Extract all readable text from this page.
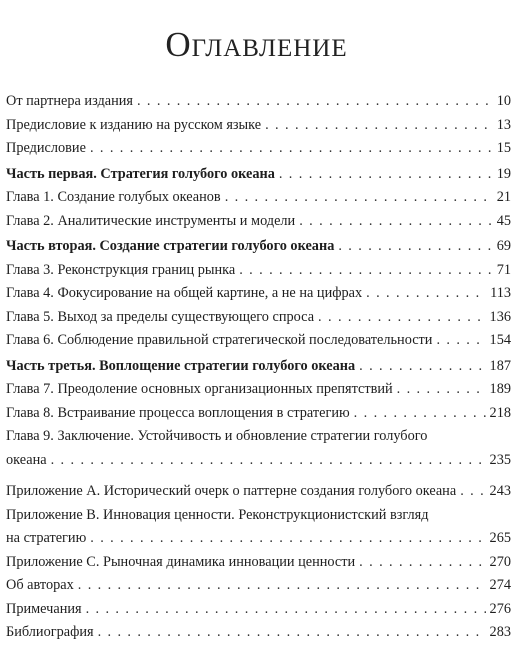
Оглавление
От партнера издания . . .	10
Предисловие к изданию на русском языке . . .	13
Предисловие . . .	15
Часть первая. Стратегия голубого океана . . .	19
Глава 1. Создание голубых океанов . . .	21
Глава 2. Аналитические инструменты и модели . . .	45
Часть вторая. Создание стратегии голубого океана . . .	69
Глава 3. Реконструкция границ рынка . . .	71
Глава 4. Фокусирование на общей картине, а не на цифрах . . .	113
Глава 5. Выход за пределы существующего спроса . . .	136
Глава 6. Соблюдение правильной стратегической последовательности . . .	154
Часть третья. Воплощение стратегии голубого океана . . .	187
Глава 7. Преодоление основных организационных препятствий . . .	189
Глава 8. Встраивание процесса воплощения в стратегию . . .	218
Глава 9. Заключение. Устойчивость и обновление стратегии голубого
океана . . .	235
Приложение А. Исторический очерк о паттерне создания голубого океана . . . 243
Приложение В. Инновация ценности. Реконструкционистский взгляд
на стратегию . . .	265
Приложение С. Рыночная динамика инновации ценности . . .	270
Об авторах . . .	274
Примечания . . .	276
Библиография . . .	283
